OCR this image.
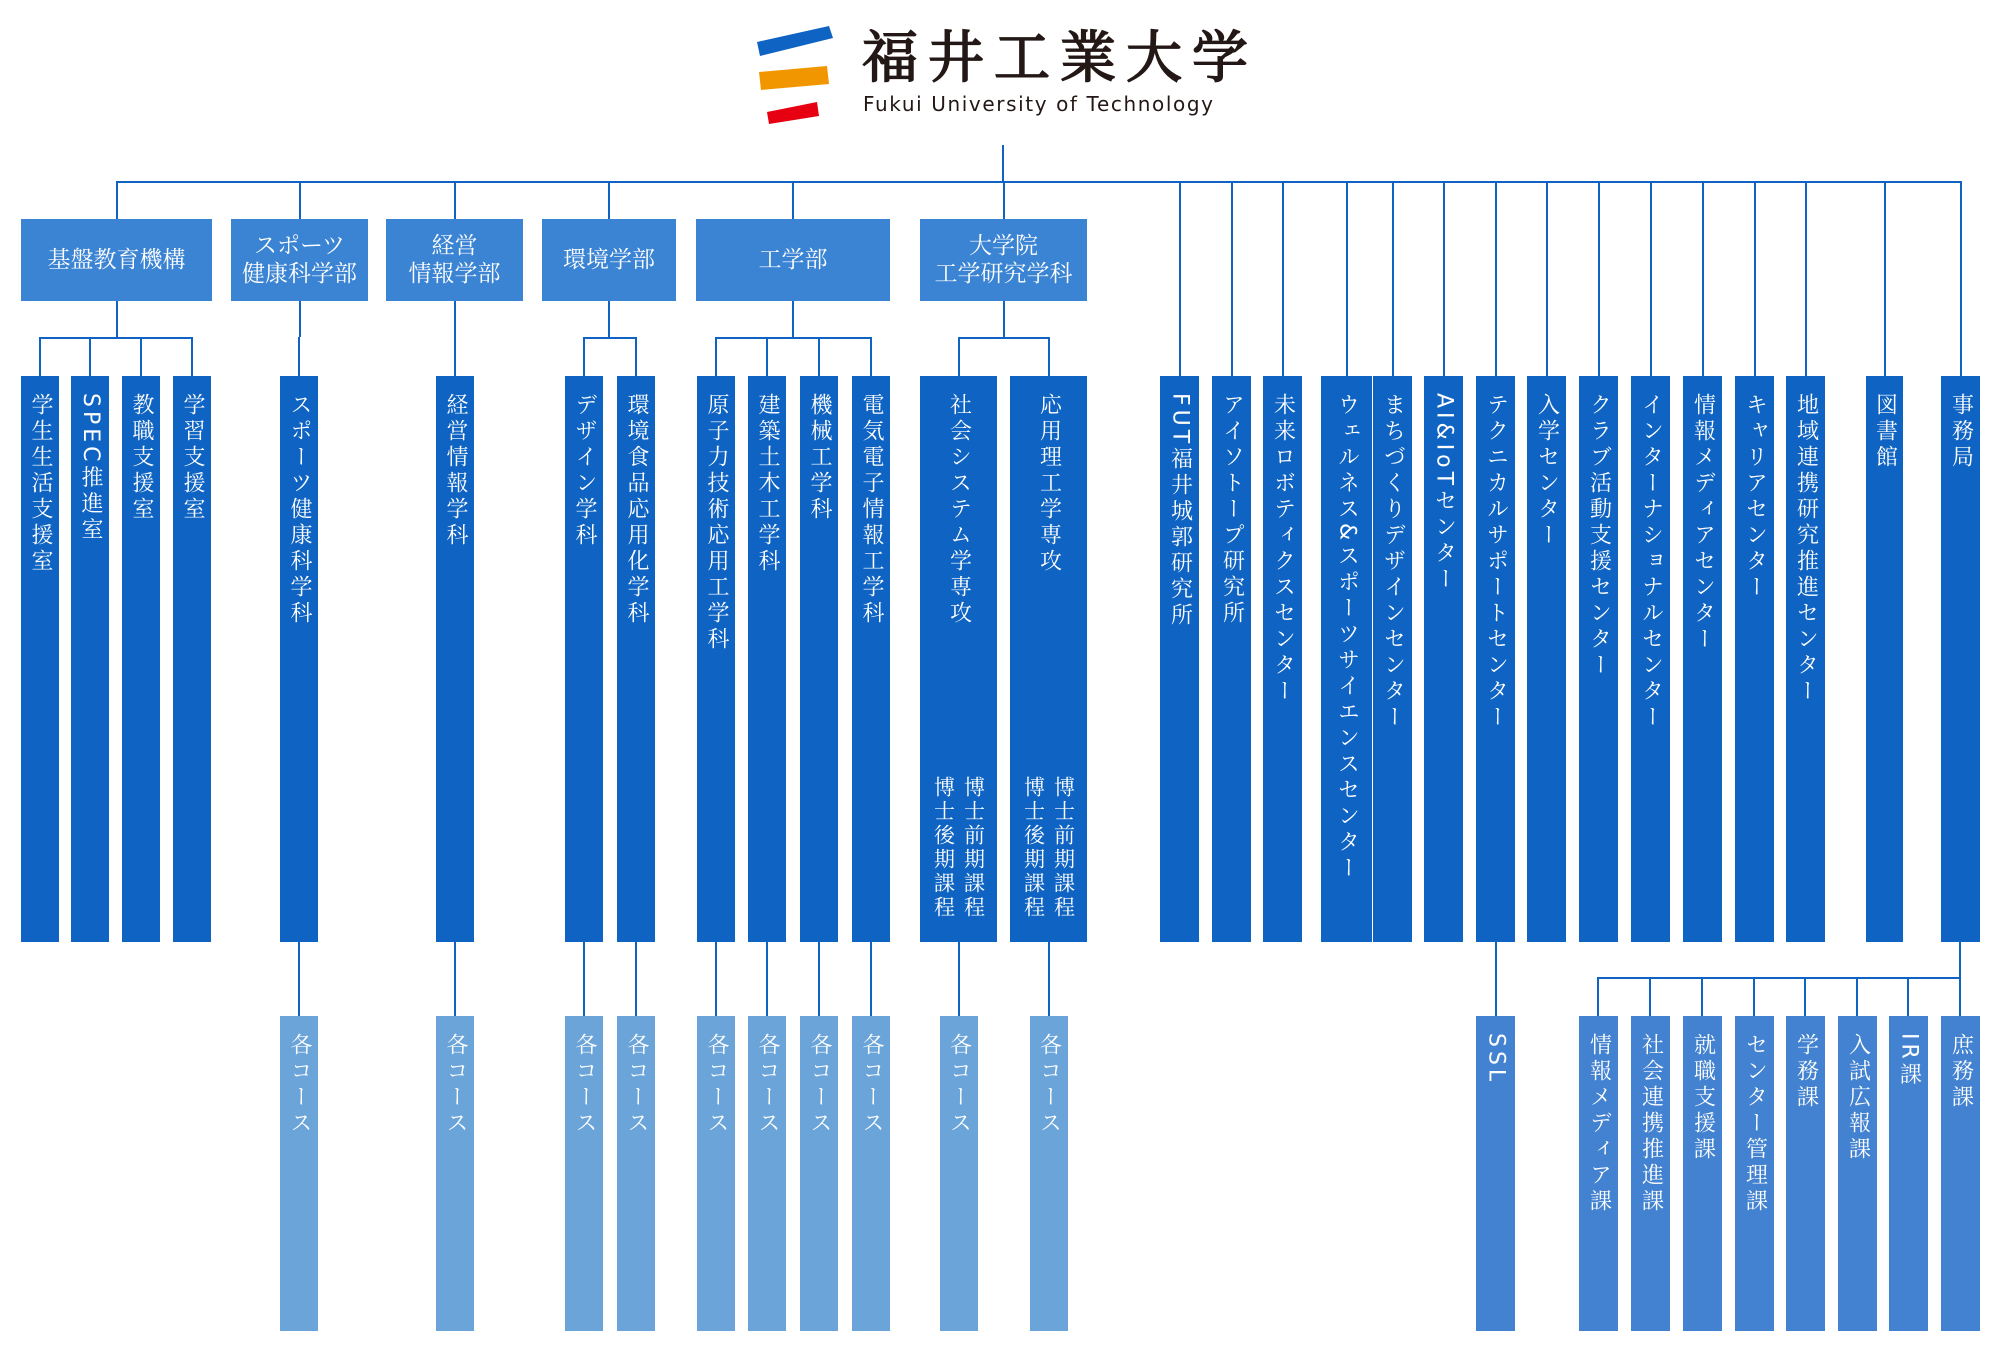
福井工業大学
Fukui University of Technology
基盤教育機構
学生生活支援室 SPEC推進室 教職支援室 学習支援室
スポーツ
健康科学部
スポーツ健康科学科
各コース
経営
情報学部
経営情報学科
各コース
環境学部
デザイン学科
各コース
環境食品応用化学科
各コース
工学部
原子力技術応用工学科
各コース
建築土木工学科
各コース
機械工学科
各コース
電気電子情報工学科
各コース
大学院
工学研究学科
社会システム学専攻
博士前期課程
博士後期課程
各コース
応用理工学専攻
博士前期課程
博士後期課程
各コース
FUT福井城郭研究所 アイソトープ研究所 未来ロボティクスセンター ウェルネス&スポーツサイエンスセンター まちづくりデザインセンター AI&IoTセンター テクニカルサポートセンター
SSL
入学センター クラブ活動支援センター インターナショナルセンター 情報メディアセンター キャリアセンター 地域連携研究推進センター 図書館 事務局
情報メディア課 社会連携推進課 就職支援課 センター管理課 学務課 入試広報課 IR課 庶務課
